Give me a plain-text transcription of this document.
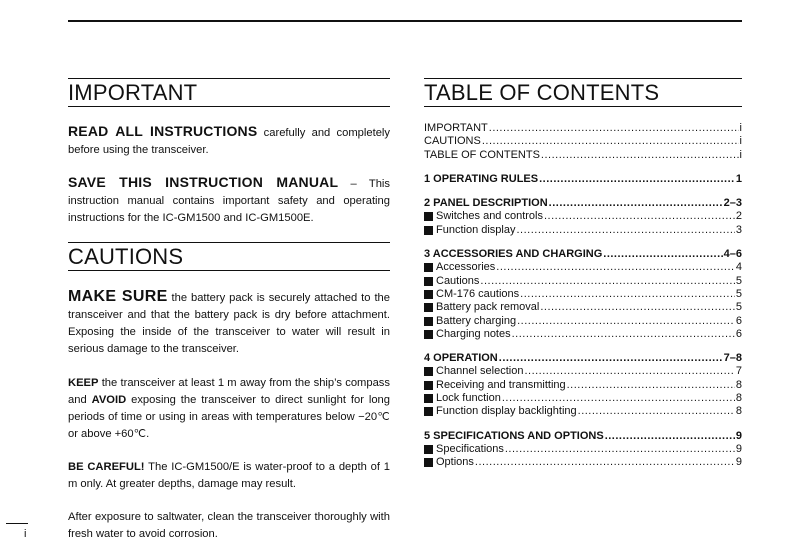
IMPORTANT

READ ALL INSTRUCTIONS carefully and completely before using the transceiver.

SAVE THIS INSTRUCTION MANUAL – This instruction manual contains important safety and operating instructions for the IC-GM1500 and IC-GM1500E.

CAUTIONS

MAKE SURE the battery pack is securely attached to the transceiver and that the battery pack is dry before attachment. Exposing the inside of the transceiver to water will result in serious damage to the transceiver.

KEEP the transceiver at least 1 m away from the ship’s compass and AVOID exposing the transceiver to direct sunlight for long periods of time or using in areas with temperatures below −20℃ or above +60℃.

BE CAREFUL! The IC-GM1500/E is water-proof to a depth of 1 m only. At greater depths, damage may result.

After exposure to saltwater, clean the transceiver thoroughly with fresh water to avoid corrosion.

TABLE OF CONTENTS
IMPORTANT .....	i
CAUTIONS .....	i
TABLE OF CONTENTS .....	i
1 OPERATING RULES .....	1
2 PANEL DESCRIPTION .....	2–3
Switches and controls .....	2
Function display .....	3
3 ACCESSORIES AND CHARGING .....	4–6
Accessories .....	4
Cautions .....	5
CM-176 cautions .....	5
Battery pack removal .....	5
Battery charging .....	6
Charging notes .....	6
4 OPERATION .....	7–8
Channel selection .....	7
Receiving and transmitting .....	8
Lock function .....	8
Function display backlighting .....	8
5 SPECIFICATIONS AND OPTIONS .....	9
Specifications .....	9
Options .....	9
i
